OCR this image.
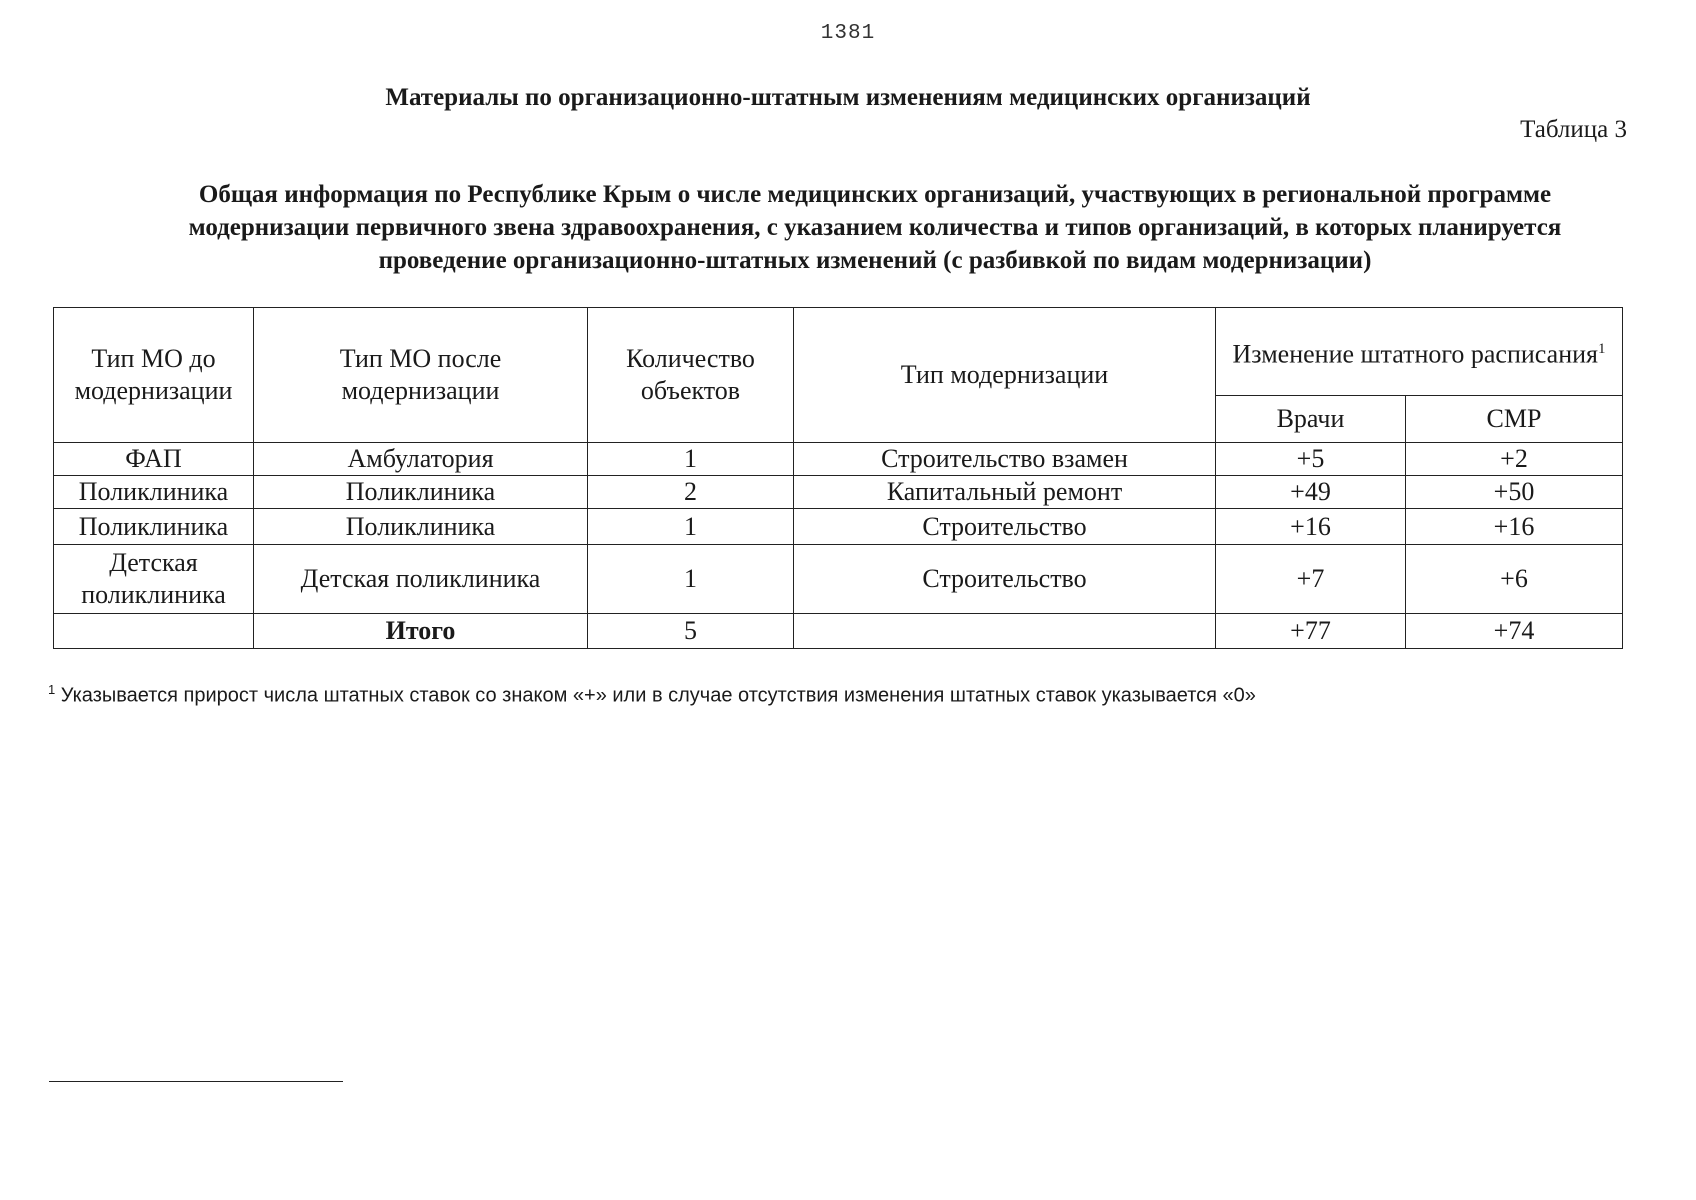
1381
Материалы по организационно-штатным изменениям медицинских организаций
Таблица 3
Общая информация по Республике Крым о числе медицинских организаций, участвующих в региональной программе модернизации первичного звена здравоохранения, с указанием количества и типов организаций, в которых планируется проведение организационно-штатных изменений (с разбивкой по видам модернизации)
Тип МО до модернизации	Тип МО после модернизации	Количество объектов	Тип модернизации	Изменение штатного расписания$^1$
				Врачи	СМР
ФАП	Амбулатория	1	Строительство взамен	+5	+2
Поликлиника	Поликлиника	2	Капитальный ремонт	+49	+50
Поликлиника	Поликлиника	1	Строительство	+16	+16
Детская поликлиника	Детская поликлиника	1	Строительство	+7	+6
	Итого	5		+77	+74
$^1$ Указывается прирост числа штатных ставок со знаком «+» или в случае отсутствия изменения штатных ставок указывается «0»
